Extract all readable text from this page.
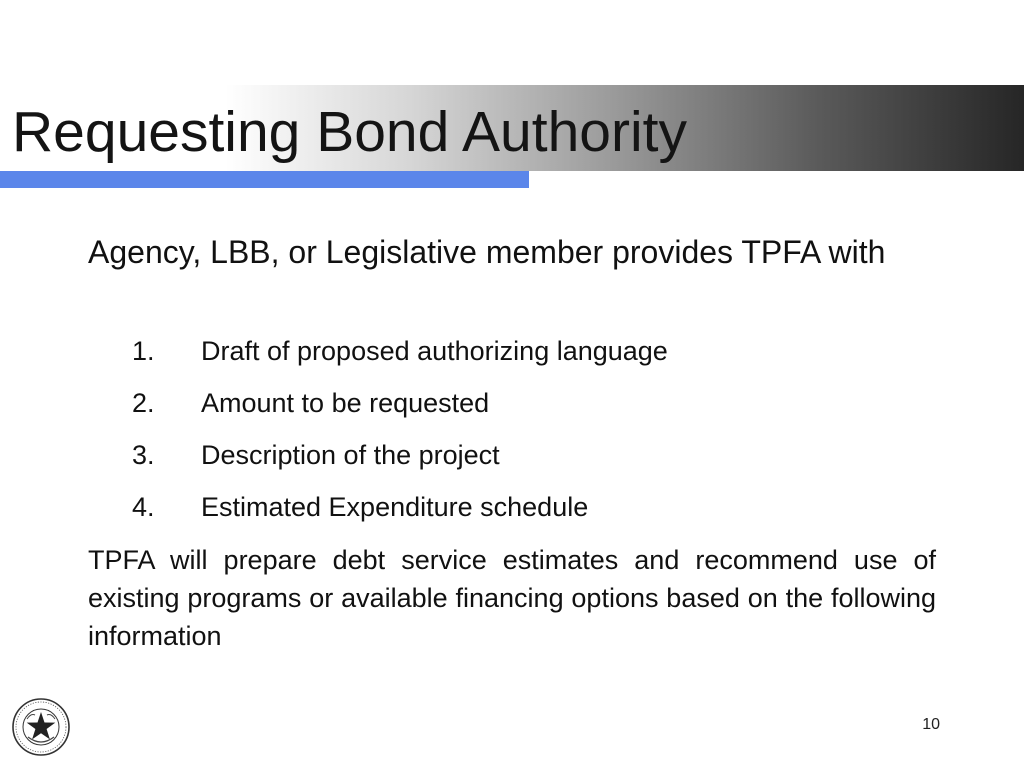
Requesting Bond Authority

Agency, LBB, or Legislative member provides TPFA with

1. Draft of proposed authorizing language
2. Amount to be requested
3. Description of the project
4. Estimated Expenditure schedule

TPFA will prepare debt service estimates and recommend use of existing programs or available financing options based on the following information

10
